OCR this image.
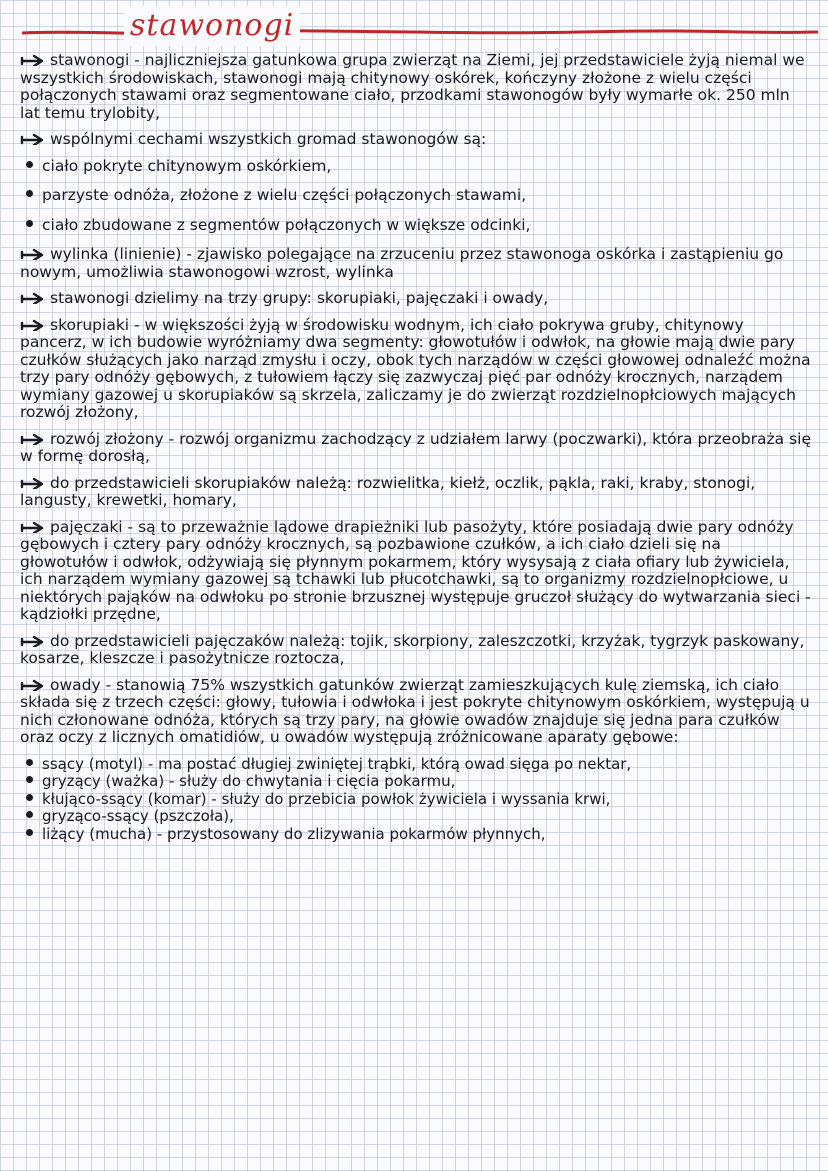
stawonogi
stawonogi - najliczniejsza gatunkowa grupa zwierząt na Ziemi, jej przedstawiciele żyją niemal we wszystkich środowiskach, stawonogi mają chitynowy oskórek, kończyny złożone z wielu części połączonych stawami oraz segmentowane ciało, przodkami stawonogów były wymarłe ok. 250 mln lat temu trylobity,
wspólnymi cechami wszystkich gromad stawonogów są:
ciało pokryte chitynowym oskórkiem,
parzyste odnóża, złożone z wielu części połączonych stawami,
ciało zbudowane z segmentów połączonych w większe odcinki,
wylinka (linienie) - zjawisko polegające na zrzuceniu przez stawonoga oskórka i zastąpieniu go nowym, umożliwia stawonogowi wzrost, wylinka
stawonogi dzielimy na trzy grupy: skorupiaki, pajęczaki i owady,
skorupiaki - w większości żyją w środowisku wodnym, ich ciało pokrywa gruby, chitynowy pancerz, w ich budowie wyróżniamy dwa segmenty: głowotułów i odwłok, na głowie mają dwie pary czułków służących jako narząd zmysłu i oczy, obok tych narządów w części głowowej odnaleźć można trzy pary odnóży gębowych, z tułowiem łączy się zazwyczaj pięć par odnóży krocznych, narządem wymiany gazowej u skorupiaków są skrzela, zaliczamy je do zwierząt rozdzielnopłciowych mających rozwój złożony,
rozwój złożony - rozwój organizmu zachodzący z udziałem larwy (poczwarki), która przeobraża się w formę dorosłą,
do przedstawicieli skorupiaków należą: rozwielitka, kiełż, oczlik, pąkla, raki, kraby, stonogi, langusty, krewetki, homary,
pajęczaki - są to przeważnie lądowe drapieżniki lub pasożyty, które posiadają dwie pary odnóży gębowych i cztery pary odnóży krocznych, są pozbawione czułków, a ich ciało dzieli się na głowotułów i odwłok, odżywiają się płynnym pokarmem, który wysysają z ciała ofiary lub żywiciela, ich narządem wymiany gazowej są tchawki lub płucotchawki, są to organizmy rozdzielnopłciowe, u niektórych pająków na odwłoku po stronie brzusznej występuje gruczoł służący do wytwarzania sieci - kądziołki przędne,
do przedstawicieli pajęczaków należą: tojik, skorpiony, zaleszczotki, krzyżak, tygrzyk paskowany, kosarze, kleszcze i pasożytnicze roztocza,
owady - stanowią 75% wszystkich gatunków zwierząt zamieszkujących kulę ziemską, ich ciało składa się z trzech części: głowy, tułowia i odwłoka i jest pokryte chitynowym oskórkiem, występują u nich członowane odnóża, których są trzy pary, na głowie owadów znajduje się jedna para czułków oraz oczy z licznych omatidiów, u owadów występują zróżnicowane aparaty gębowe:
ssący (motyl) - ma postać długiej zwiniętej trąbki, którą owad sięga po nektar,
gryzący (ważka) - służy do chwytania i cięcia pokarmu,
kłująco-ssący (komar) - służy do przebicia powłok żywiciela i wyssania krwi,
gryząco-ssący (pszczoła),
liżący (mucha) - przystosowany do zlizywania pokarmów płynnych,
